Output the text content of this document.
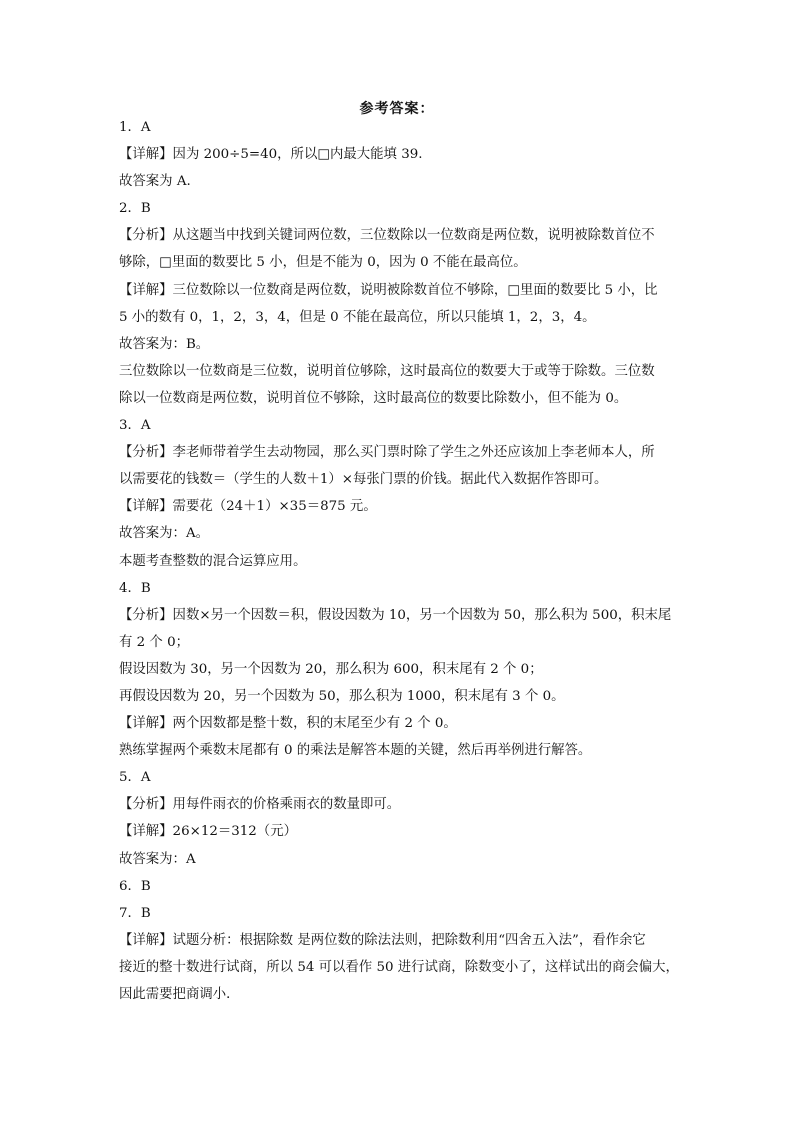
参考答案：

1．A

【详解】因为 200÷5=40，所以□内最大能填 39.

故答案为 A.

2．B

【分析】从这题当中找到关键词两位数，三位数除以一位数商是两位数，说明被除数首位不

够除，□里面的数要比 5 小，但是不能为 0，因为 0 不能在最高位。

【详解】三位数除以一位数商是两位数，说明被除数首位不够除，□里面的数要比 5 小，比

5 小的数有 0，1，2，3，4，但是 0 不能在最高位，所以只能填 1，2，3，4。

故答案为：B。

三位数除以一位数商是三位数，说明首位够除，这时最高位的数要大于或等于除数。三位数

除以一位数商是两位数，说明首位不够除，这时最高位的数要比除数小，但不能为 0。

3．A

【分析】李老师带着学生去动物园，那么买门票时除了学生之外还应该加上李老师本人，所

以需要花的钱数＝（学生的人数＋1）×每张门票的价钱。据此代入数据作答即可。

【详解】需要花（24＋1）×35＝875 元。

故答案为：A。

本题考查整数的混合运算应用。

4．B

【分析】因数×另一个因数＝积，假设因数为 10，另一个因数为 50，那么积为 500，积末尾

有 2 个 0；

假设因数为 30，另一个因数为 20，那么积为 600，积末尾有 2 个 0；

再假设因数为 20，另一个因数为 50，那么积为 1000，积末尾有 3 个 0。

【详解】两个因数都是整十数，积的末尾至少有 2 个 0。

熟练掌握两个乘数末尾都有 0 的乘法是解答本题的关键，然后再举例进行解答。

5．A

【分析】用每件雨衣的价格乘雨衣的数量即可。

【详解】26×12＝312（元）

故答案为：A

6．B

7．B

【详解】试题分析：根据除数 是两位数的除法法则，把除数利用“四舍五入法”，看作余它

接近的整十数进行试商，所以 54 可以看作 50 进行试商，除数变小了，这样试出的商会偏大，

因此需要把商调小．
